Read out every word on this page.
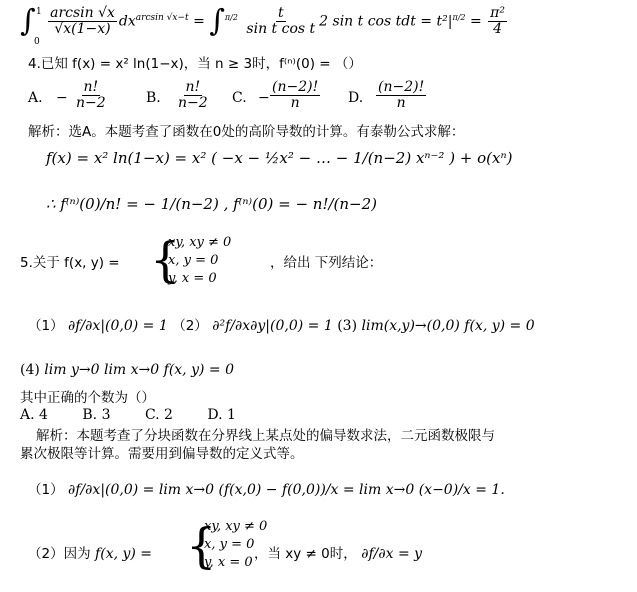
∫ 1
0

$\frac{\arcsin √x}{√x(1-x)} dx^{arcsin √x-t} = \int^{\pi/2} \frac{t}{\text{sin t cos t}} 2$ sin t cos tdt = $t^2|^{\pi/2} = \frac{\text{π²}}{4}$
4.已知 f(x) = x² ln(1−x)，当 n ≥ 3时，f⁽ⁿ⁾(0) = （）
A. − $\frac{n!}{n-2}$	B. $\frac{n!}{n-2} C$. − $\frac{(n-2)!}{n} D$. $\frac{(n-2)!}{n}$
解析：选A。本题考查了函数在0处的高阶导数的计算。有泰勒公式求解：
f(x) = x² ln(1−x) = x² ( −x − ½x² − … − 1/(n−2) xⁿ⁻² ) + o(xⁿ)
∴ f⁽ⁿ⁾(0)/n! = − 1/(n−2) , f⁽ⁿ⁾(0) = − n!/(n−2)
5.关于 f(x, y) = {
xy, xy ≠ 0
x, y = 0
y, x = 0
，给出 下列结论：
（1） ∂f/∂x|(0,0) = 1 （2） ∂²f/∂x∂y|(0,0) = 1 (3) lim(x,y)→(0,0) f(x, y) = 0
(4) lim y→0 lim x→0 f(x, y) = 0
其中正确的个数为（）
A. 4 B. 3 C. 2 D. 1
解析：本题考查了分块函数在分界线上某点处的偏导数求法，二元函数极限与
累次极限等计算。需要用到偏导数的定义式等。
（1） ∂f/∂x|(0,0) = lim x→0 (f(x,0) − f(0,0))/x = lim x→0 (x−0)/x = 1.
（2）因为 f(x, y) = {
xy, xy ≠ 0
x, y = 0
y, x = 0
，当 xy ≠ 0时， ∂f/∂x = y
